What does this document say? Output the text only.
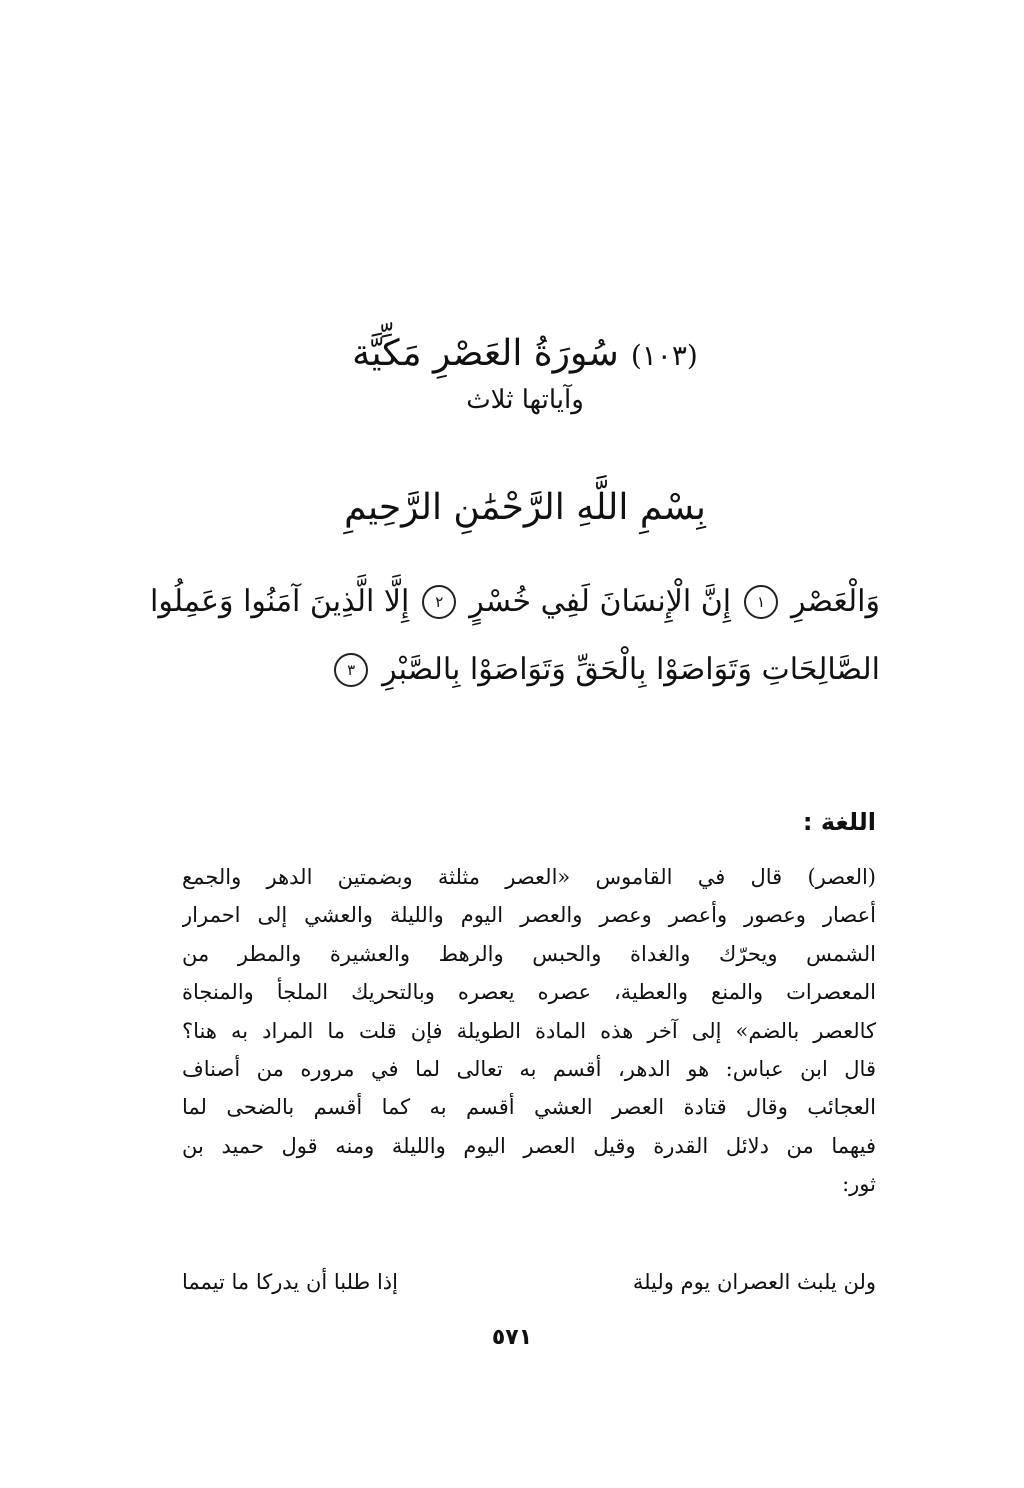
(١٠٣)
سُورَةُ العَصْرِ مَكِّيَّة
وآياتها ثلاث
بِسْمِ اللَّهِ الرَّحْمَٰنِ الرَّحِيمِ
وَالْعَصْرِ
١
إِنَّ الْإِنسَانَ لَفِي خُسْرٍ
٢
إِلَّا الَّذِينَ آمَنُوا وَعَمِلُوا
الصَّالِحَاتِ وَتَوَاصَوْا بِالْحَقِّ وَتَوَاصَوْا بِالصَّبْرِ
٣
اللغة :
(العصر) قال في القاموس «العصر مثلثة وبضمتين الدهر والجمع
أعصار وعصور وأعصر وعصر والعصر اليوم والليلة والعشي إلى احمرار
الشمس ويحرّك والغداة والحبس والرهط والعشيرة والمطر من
المعصرات والمنع والعطية، عصره يعصره وبالتحريك الملجأ والمنجاة
كالعصر بالضم» إلى آخر هذه المادة الطويلة فإن قلت ما المراد به هنا؟
قال ابن عباس: هو الدهر، أقسم به تعالى لما في مروره من أصناف
العجائب وقال قتادة العصر العشي أقسم به كما أقسم بالضحى لما
فيهما من دلائل القدرة وقيل العصر اليوم والليلة ومنه قول حميد بن
ثور:
ولن يلبث العصران يوم وليلة
إذا طلبا أن يدركا ما تيمما
٥٧١
